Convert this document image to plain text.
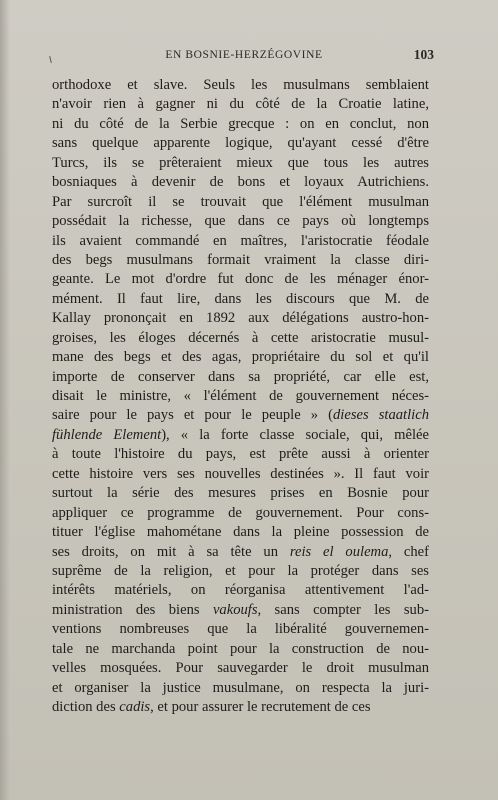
EN BOSNIE-HERZÉGOVINE	103
orthodoxe et slave. Seuls les musulmans semblaient
n'avoir rien à gagner ni du côté de la Croatie latine,
ni du côté de la Serbie grecque : on en conclut, non
sans quelque apparente logique, qu'ayant cessé d'être
Turcs, ils se prêteraient mieux que tous les autres
bosniaques à devenir de bons et loyaux Autrichiens.
Par surcroît il se trouvait que l'élément musulman
possédait la richesse, que dans ce pays où longtemps
ils avaient commandé en maîtres, l'aristocratie féodale
des begs musulmans formait vraiment la classe diri-
geante. Le mot d'ordre fut donc de les ménager énor-
mément. Il faut lire, dans les discours que M. de
Kallay prononçait en 1892 aux délégations austro-hon-
groises, les éloges décernés à cette aristocratie musul-
mane des begs et des agas, propriétaire du sol et qu'il
importe de conserver dans sa propriété, car elle est,
disait le ministre, « l'élément de gouvernement néces-
saire pour le pays et pour le peuple » (dieses staatlich
fühlende Element), « la forte classe sociale, qui, mêlée
à toute l'histoire du pays, est prête aussi à orienter
cette histoire vers ses nouvelles destinées ». Il faut voir
surtout la série des mesures prises en Bosnie pour
appliquer ce programme de gouvernement. Pour cons-
tituer l'église mahométane dans la pleine possession de
ses droits, on mit à sa tête un reis el oulema, chef
suprême de la religion, et pour la protéger dans ses
intérêts matériels, on réorganisa attentivement l'ad-
ministration des biens vakoufs, sans compter les sub-
ventions nombreuses que la libéralité gouvernemen-
tale ne marchanda point pour la construction de nou-
velles mosquées. Pour sauvegarder le droit musulman
et organiser la justice musulmane, on respecta la juri-
diction des cadis, et pour assurer le recrutement de ces
